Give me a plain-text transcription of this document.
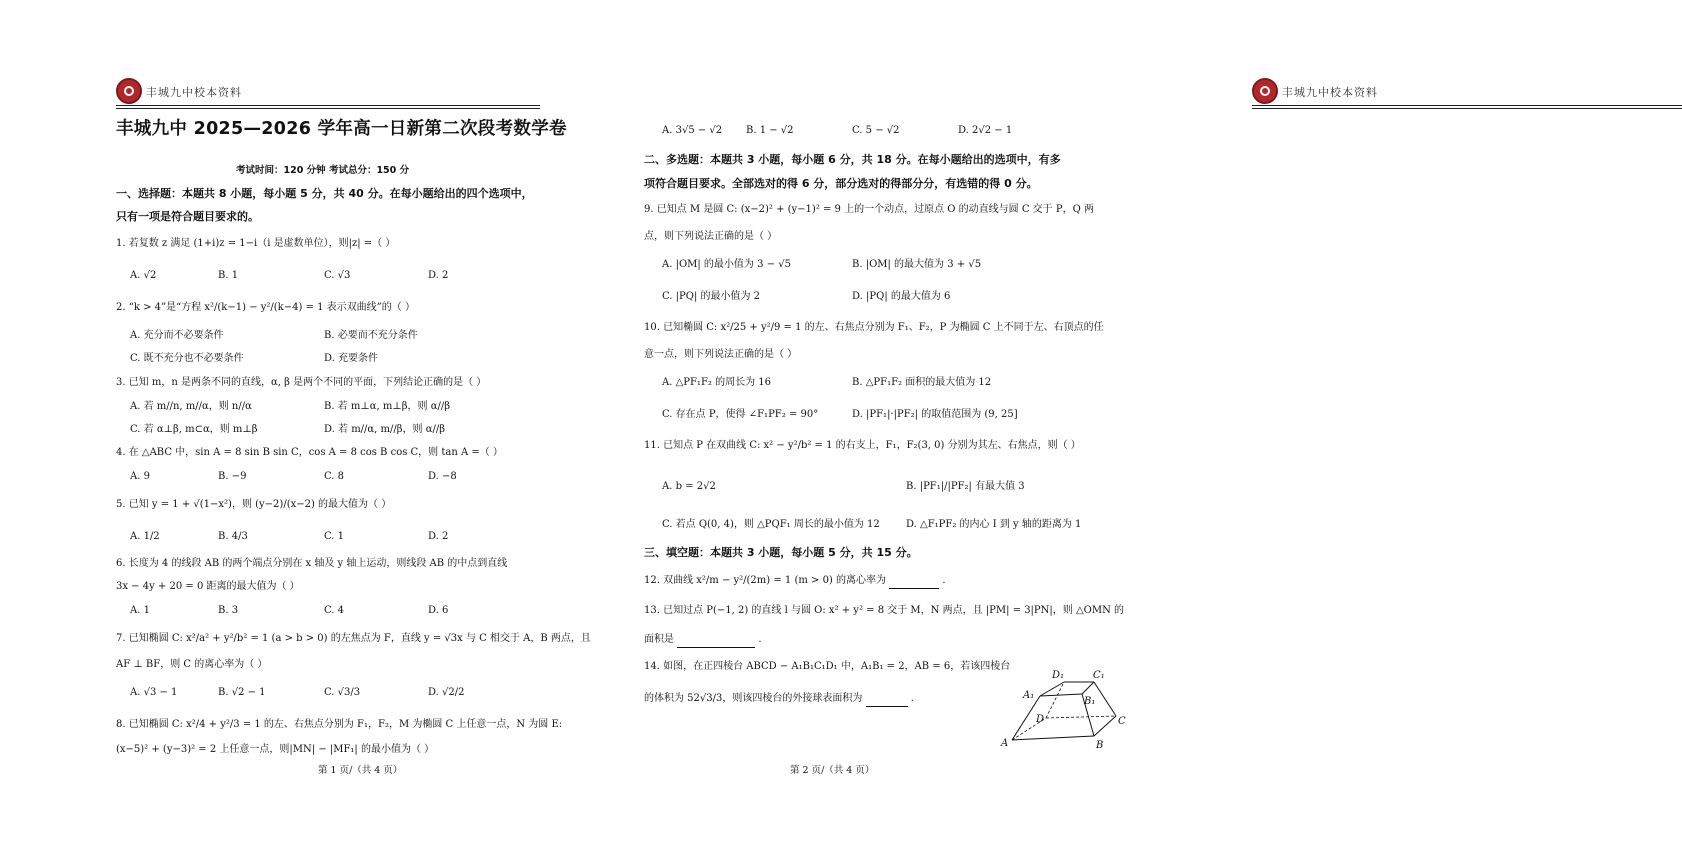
丰城九中校本资料	丰城九中校本资料
丰城九中 2025—2026 学年高一日新第二次段考数学卷
考试时间：120 分钟 考试总分：150 分
一、选择题：本题共 8 小题，每小题 5 分，共 40 分。在每小题给出的四个选项中，
只有一项是符合题目要求的。
1. 若复数 z 满足 (1+i)z = 1−i（i 是虚数单位），则|z| =（ ）
A. √2	B. 1	C. √3	D. 2
2. “k > 4”是“方程 x²/(k−1) − y²/(k−4) = 1 表示双曲线”的（ ）
A. 充分而不必要条件	B. 必要而不充分条件
C. 既不充分也不必要条件	D. 充要条件
3. 已知 m，n 是两条不同的直线，α, β 是两个不同的平面，下列结论正确的是（ ）
A. 若 m//n, m//α，则 n//α	B. 若 m⊥α, m⊥β，则 α//β
C. 若 α⊥β, m⊂α，则 m⊥β	D. 若 m//α, m//β，则 α//β
4. 在 △ABC 中，sin A = 8 sin B sin C，cos A = 8 cos B cos C，则 tan A =（ ）
A. 9	B. −9	C. 8	D. −8
5. 已知 y = 1 + √(1−x²)，则 (y−2)/(x−2) 的最大值为（ ）
A. 1/2	B. 4/3	C. 1	D. 2
6. 长度为 4 的线段 AB 的两个端点分别在 x 轴及 y 轴上运动，则线段 AB 的中点到直线
3x − 4y + 20 = 0 距离的最大值为（ ）
A. 1	B. 3	C. 4	D. 6
7. 已知椭圆 C: x²/a² + y²/b² = 1 (a > b > 0) 的左焦点为 F，直线 y = √3x 与 C 相交于 A，B 两点，且
AF ⊥ BF，则 C 的离心率为（ ）
A. √3 − 1	B. √2 − 1	C. √3/3	D. √2/2
8. 已知椭圆 C: x²/4 + y²/3 = 1 的左、右焦点分别为 F₁，F₂，M 为椭圆 C 上任意一点，N 为圆 E:
(x−5)² + (y−3)² = 2 上任意一点，则|MN| − |MF₁| 的最小值为（ ）
第 1 页/（共 4 页）
A. 3√5 − √2 B. 1 − √2	C. 5 − √2	D. 2√2 − 1
二、多选题：本题共 3 小题，每小题 6 分，共 18 分。在每小题给出的选项中，有多
项符合题目要求。全部选对的得 6 分，部分选对的得部分分，有选错的得 0 分。
9. 已知点 M 是圆 C: (x−2)² + (y−1)² = 9 上的一个动点，过原点 O 的动直线与圆 C 交于 P，Q 两
点，则下列说法正确的是（ ）
A. |OM| 的最小值为 3 − √5	B. |OM| 的最大值为 3 + √5
C. |PQ| 的最小值为 2	D. |PQ| 的最大值为 6
10. 已知椭圆 C: x²/25 + y²/9 = 1 的左、右焦点分别为 F₁、F₂，P 为椭圆 C 上不同于左、右顶点的任
意一点，则下列说法正确的是（ ）
A. △PF₁F₂ 的周长为 16	B. △PF₁F₂ 面积的最大值为 12
C. 存在点 P，使得 ∠F₁PF₂ = 90°	D. |PF₁|·|PF₂| 的取值范围为 (9, 25]
11. 已知点 P 在双曲线 C: x² − y²/b² = 1 的右支上，F₁，F₂(3, 0) 分别为其左、右焦点，则（ ）
A. b = 2√2	B. |PF₁|/|PF₂| 有最大值 3
C. 若点 Q(0, 4)，则 △PQF₁ 周长的最小值为 12	D. △F₁PF₂ 的内心 I 到 y 轴的距离为 1
三、填空题：本题共 3 小题，每小题 5 分，共 15 分。
12. 双曲线 x²/m − y²/(2m) = 1 (m > 0) 的离心率为	.
13. 已知过点 P(−1, 2) 的直线 l 与圆 O: x² + y² = 8 交于 M，N 两点，且 |PM| = 3|PN|，则 △OMN 的
面积是	.
14. 如图，在正四棱台 ABCD − A₁B₁C₁D₁ 中，A₁B₁ = 2，AB = 6，若该四棱台
的体积为 52√3/3，则该四棱台的外接球表面积为	.
A	B
C
D
A₁
B₁
C₁
D₁
第 2 页/（共 4 页）
